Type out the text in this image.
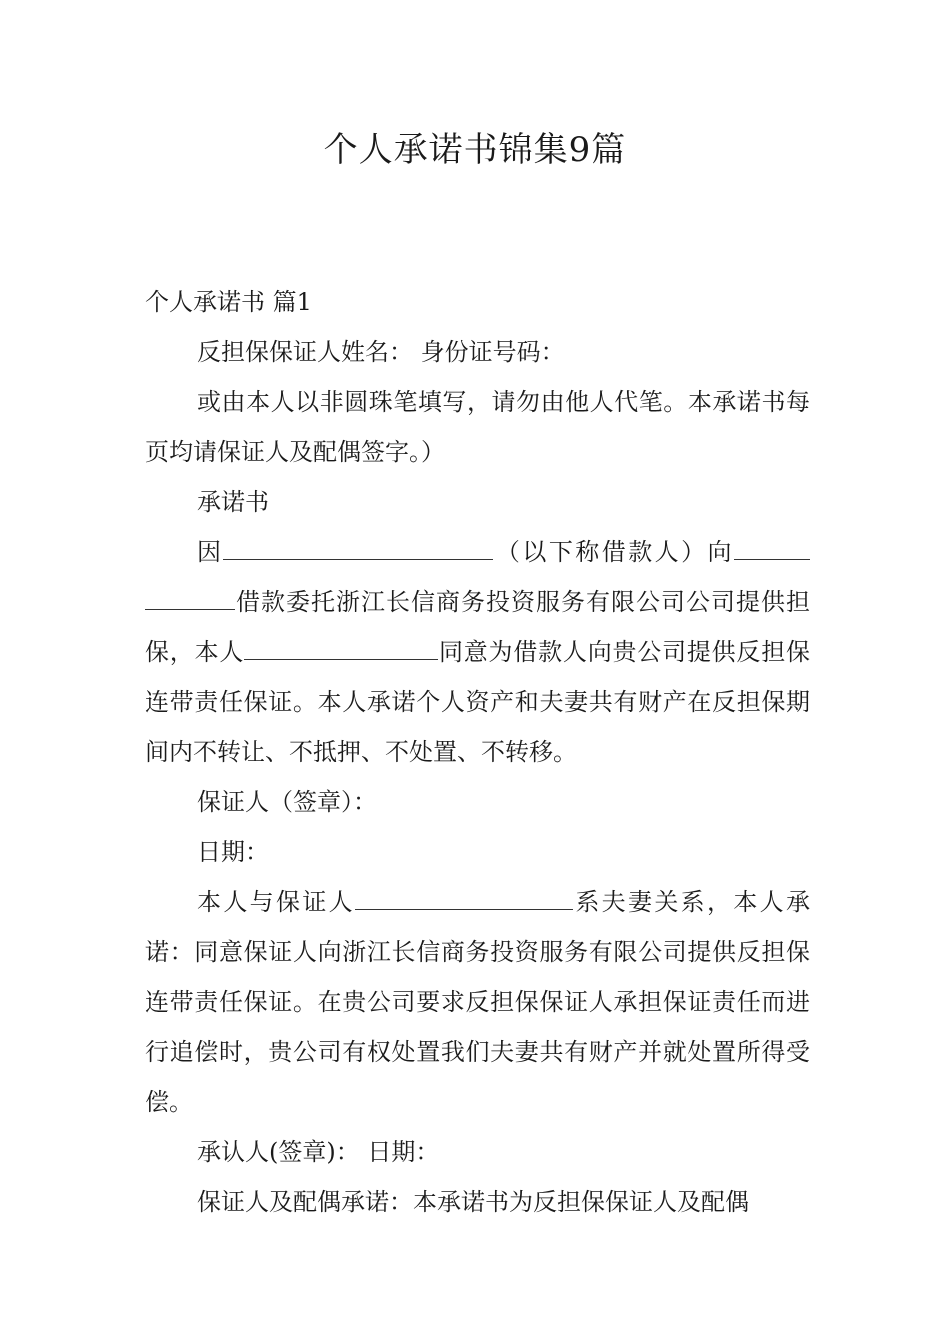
个人承诺书锦集9篇

个人承诺书 篇1

反担保保证人姓名： 身份证号码：

或由本人以非圆珠笔填写，请勿由他人代笔。本承诺书每页均请保证人及配偶签字。）

承诺书

因	（以下称借款人）向借款委托浙江长信商务投资服务有限公司公司提供担保，本人	同意为借款人向贵公司提供反担保连带责任保证。本人承诺个人资产和夫妻共有财产在反担保期间内不转让、不抵押、不处置、不转移。

保证人（签章）：

日期：

本人与保证人	系夫妻关系，本人承诺：同意保证人向浙江长信商务投资服务有限公司提供反担保连带责任保证。在贵公司要求反担保保证人承担保证责任而进行追偿时，贵公司有权处置我们夫妻共有财产并就处置所得受偿。

承认人(签章)： 日期：

保证人及配偶承诺：本承诺书为反担保保证人及配偶
